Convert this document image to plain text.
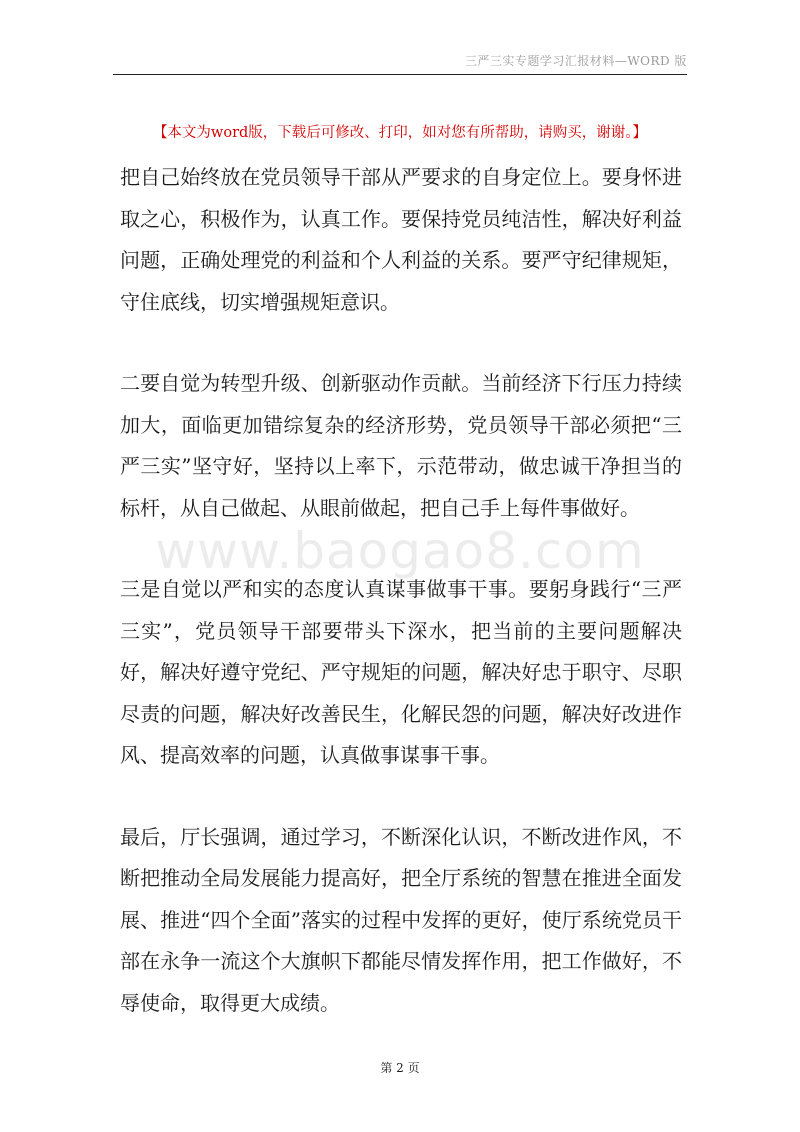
三严三实专题学习汇报材料—WORD 版
【本文为word版，下载后可修改、打印，如对您有所帮助，请购买，谢谢。】
www.baogao8.com

把自己始终放在党员领导干部从严要求的自身定位上。要身怀进取之心，积极作为，认真工作。要保持党员纯洁性，解决好利益问题，正确处理党的利益和个人利益的关系。要严守纪律规矩，守住底线，切实增强规矩意识。

二要自觉为转型升级、创新驱动作贡献。当前经济下行压力持续加大，面临更加错综复杂的经济形势，党员领导干部必须把“三严三实”坚守好，坚持以上率下，示范带动，做忠诚干净担当的标杆，从自己做起、从眼前做起，把自己手上每件事做好。

三是自觉以严和实的态度认真谋事做事干事。要躬身践行“三严三实”，党员领导干部要带头下深水，把当前的主要问题解决好，解决好遵守党纪、严守规矩的问题，解决好忠于职守、尽职尽责的问题，解决好改善民生，化解民怨的问题，解决好改进作风、提高效率的问题，认真做事谋事干事。

最后，厅长强调，通过学习，不断深化认识，不断改进作风，不断把推动全局发展能力提高好，把全厅系统的智慧在推进全面发展、推进“四个全面”落实的过程中发挥的更好，使厅系统党员干部在永争一流这个大旗帜下都能尽情发挥作用，把工作做好，不辱使命，取得更大成绩。

第 2 页
